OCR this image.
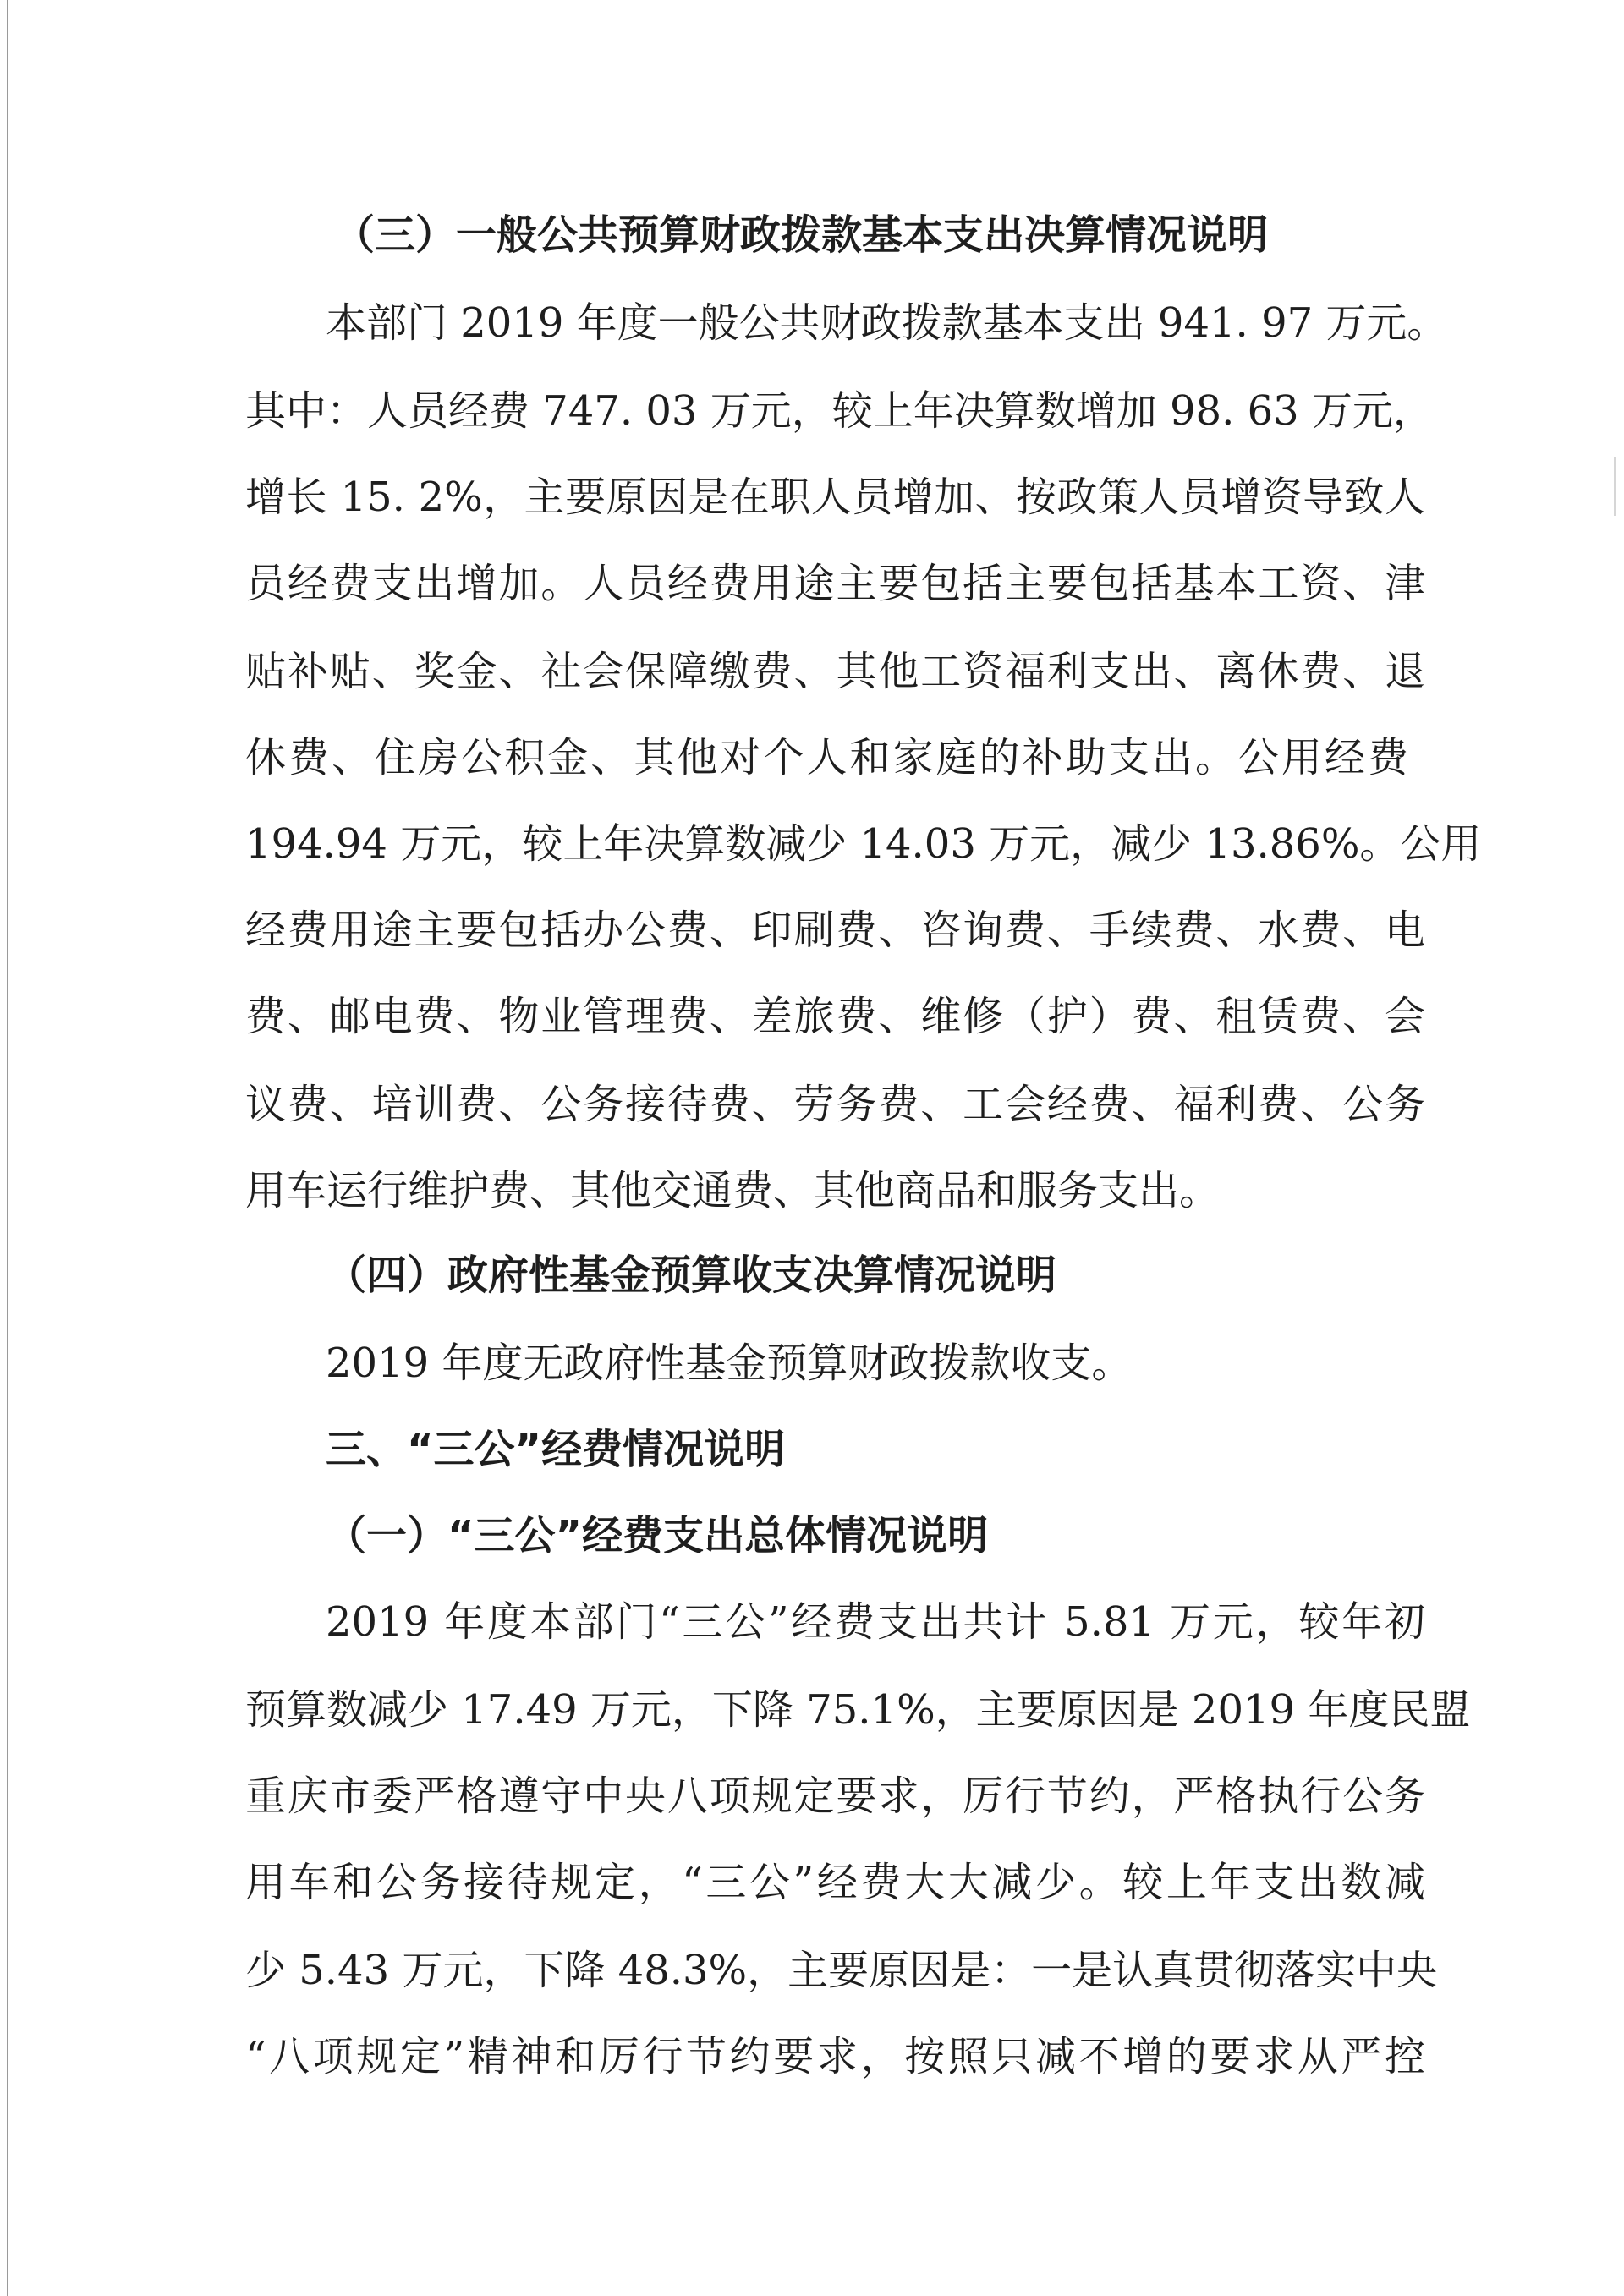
（三）一般公共预算财政拨款基本支出决算情况说明
本部门 2019 年度一般公共财政拨款基本支出 941. 97 万元。
其中：人员经费 747. 03 万元，较上年决算数增加 98. 63 万元，
增长 15. 2%，主要原因是在职人员增加、按政策人员增资导致人
员经费支出增加。人员经费用途主要包括主要包括基本工资、津
贴补贴、奖金、社会保障缴费、其他工资福利支出、离休费、退
休费、住房公积金、其他对个人和家庭的补助支出。公用经费
194.94 万元，较上年决算数减少 14.03 万元，减少 13.86%。公用
经费用途主要包括办公费、印刷费、咨询费、手续费、水费、电
费、邮电费、物业管理费、差旅费、维修（护）费、租赁费、会
议费、培训费、公务接待费、劳务费、工会经费、福利费、公务
用车运行维护费、其他交通费、其他商品和服务支出。
（四）政府性基金预算收支决算情况说明
2019 年度无政府性基金预算财政拨款收支。
三、“三公”经费情况说明
（一）“三公”经费支出总体情况说明
2019 年度本部门“三公”经费支出共计 5.81 万元，较年初
预算数减少 17.49 万元，下降 75.1%，主要原因是 2019 年度民盟
重庆市委严格遵守中央八项规定要求，厉行节约，严格执行公务
用车和公务接待规定，“三公”经费大大减少。较上年支出数减
少 5.43 万元，下降 48.3%，主要原因是：一是认真贯彻落实中央
“八项规定”精神和厉行节约要求，按照只减不增的要求从严控
